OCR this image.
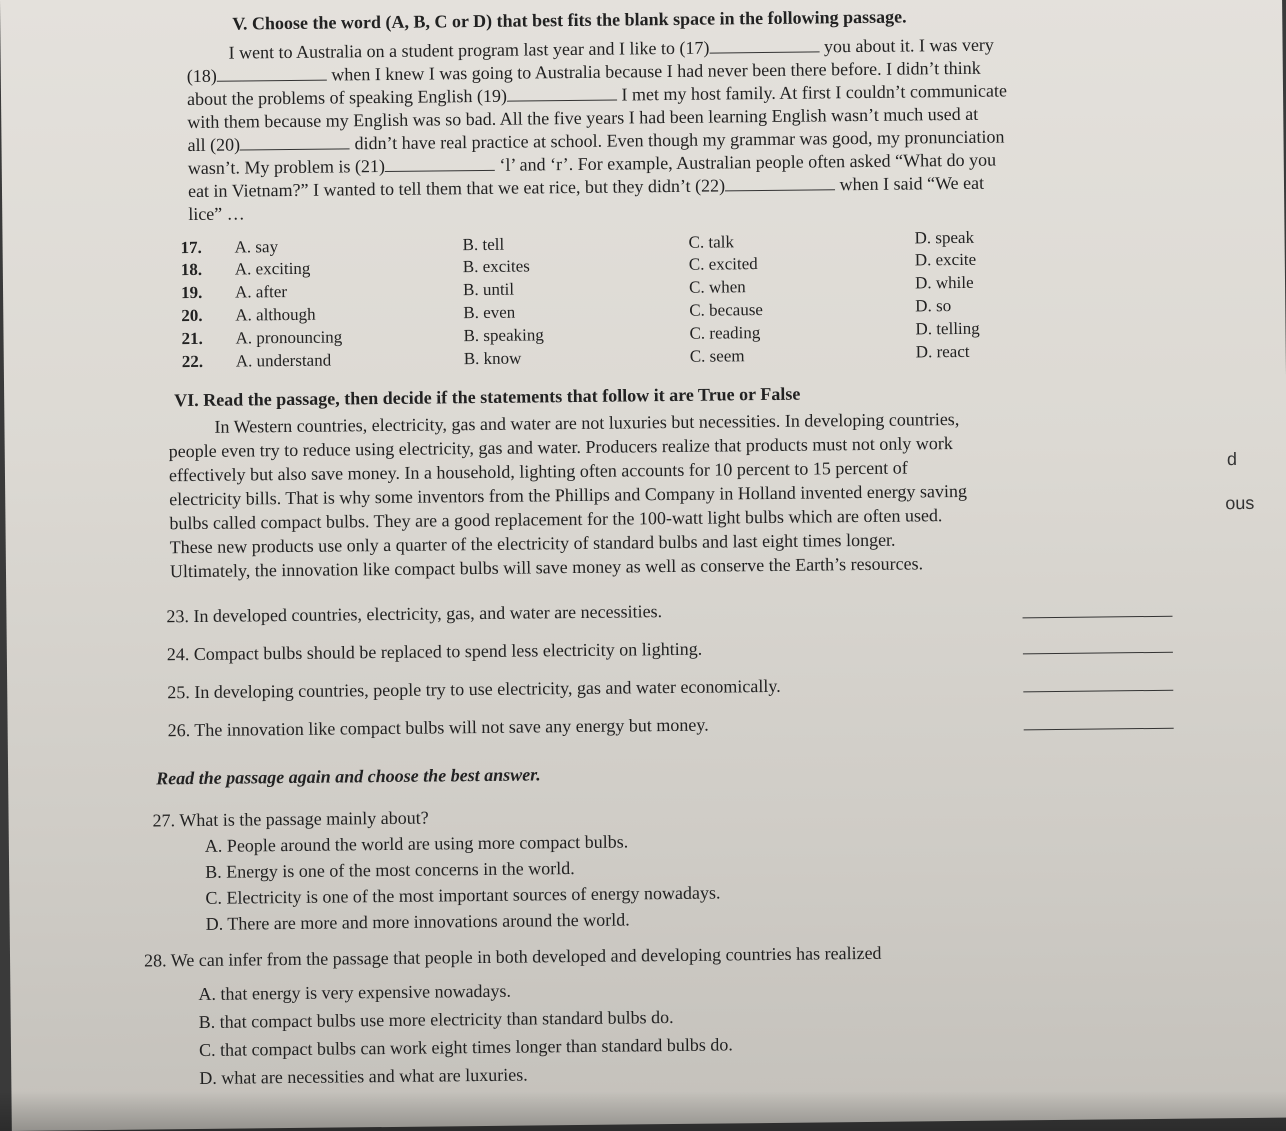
V. Choose the word (A, B, C or D) that best fits the blank space in the following passage.
I went to Australia on a student program last year and I like to (17)	you about it. I was very
(18)	when I knew I was going to Australia because I had never been there before. I didn’t think
about the problems of speaking English (19)	I met my host family. At first I couldn’t communicate
with them because my English was so bad. All the five years I had been learning English wasn’t much used at
all (20)	didn’t have real practice at school. Even though my grammar was good, my pronunciation
wasn’t. My problem is (21)	‘l’ and ‘r’. For example, Australian people often asked “What do you
eat in Vietnam?” I wanted to tell them that we eat rice, but they didn’t (22)	when I said “We eat
lice” …
17. A. say	B. tell	C. talk	D. speak
18. A. exciting	B. excites	C. excited	D. excite
19. A. after	B. until	C. when	D. while
20. A. although	B. even	C. because	D. so
21. A. pronouncing	B. speaking	C. reading	D. telling
22. A. understand	B. know	C. seem	D. react
VI. Read the passage, then decide if the statements that follow it are True or False
In Western countries, electricity, gas and water are not luxuries but necessities. In developing countries,
people even try to reduce using electricity, gas and water. Producers realize that products must not only work
effectively but also save money. In a household, lighting often accounts for 10 percent to 15 percent of
electricity bills. That is why some inventors from the Phillips and Company in Holland invented energy saving
bulbs called compact bulbs. They are a good replacement for the 100-watt light bulbs which are often used.
These new products use only a quarter of the electricity of standard bulbs and last eight times longer.
Ultimately, the innovation like compact bulbs will save money as well as conserve the Earth’s resources.
d
ous
23. In developed countries, electricity, gas, and water are necessities.
24. Compact bulbs should be replaced to spend less electricity on lighting.
25. In developing countries, people try to use electricity, gas and water economically.
26. The innovation like compact bulbs will not save any energy but money.
Read the passage again and choose the best answer.
27. What is the passage mainly about?
A. People around the world are using more compact bulbs.
B. Energy is one of the most concerns in the world.
C. Electricity is one of the most important sources of energy nowadays.
D. There are more and more innovations around the world.
28. We can infer from the passage that people in both developed and developing countries has realized
A. that energy is very expensive nowadays.
B. that compact bulbs use more electricity than standard bulbs do.
C. that compact bulbs can work eight times longer than standard bulbs do.
D. what are necessities and what are luxuries.
